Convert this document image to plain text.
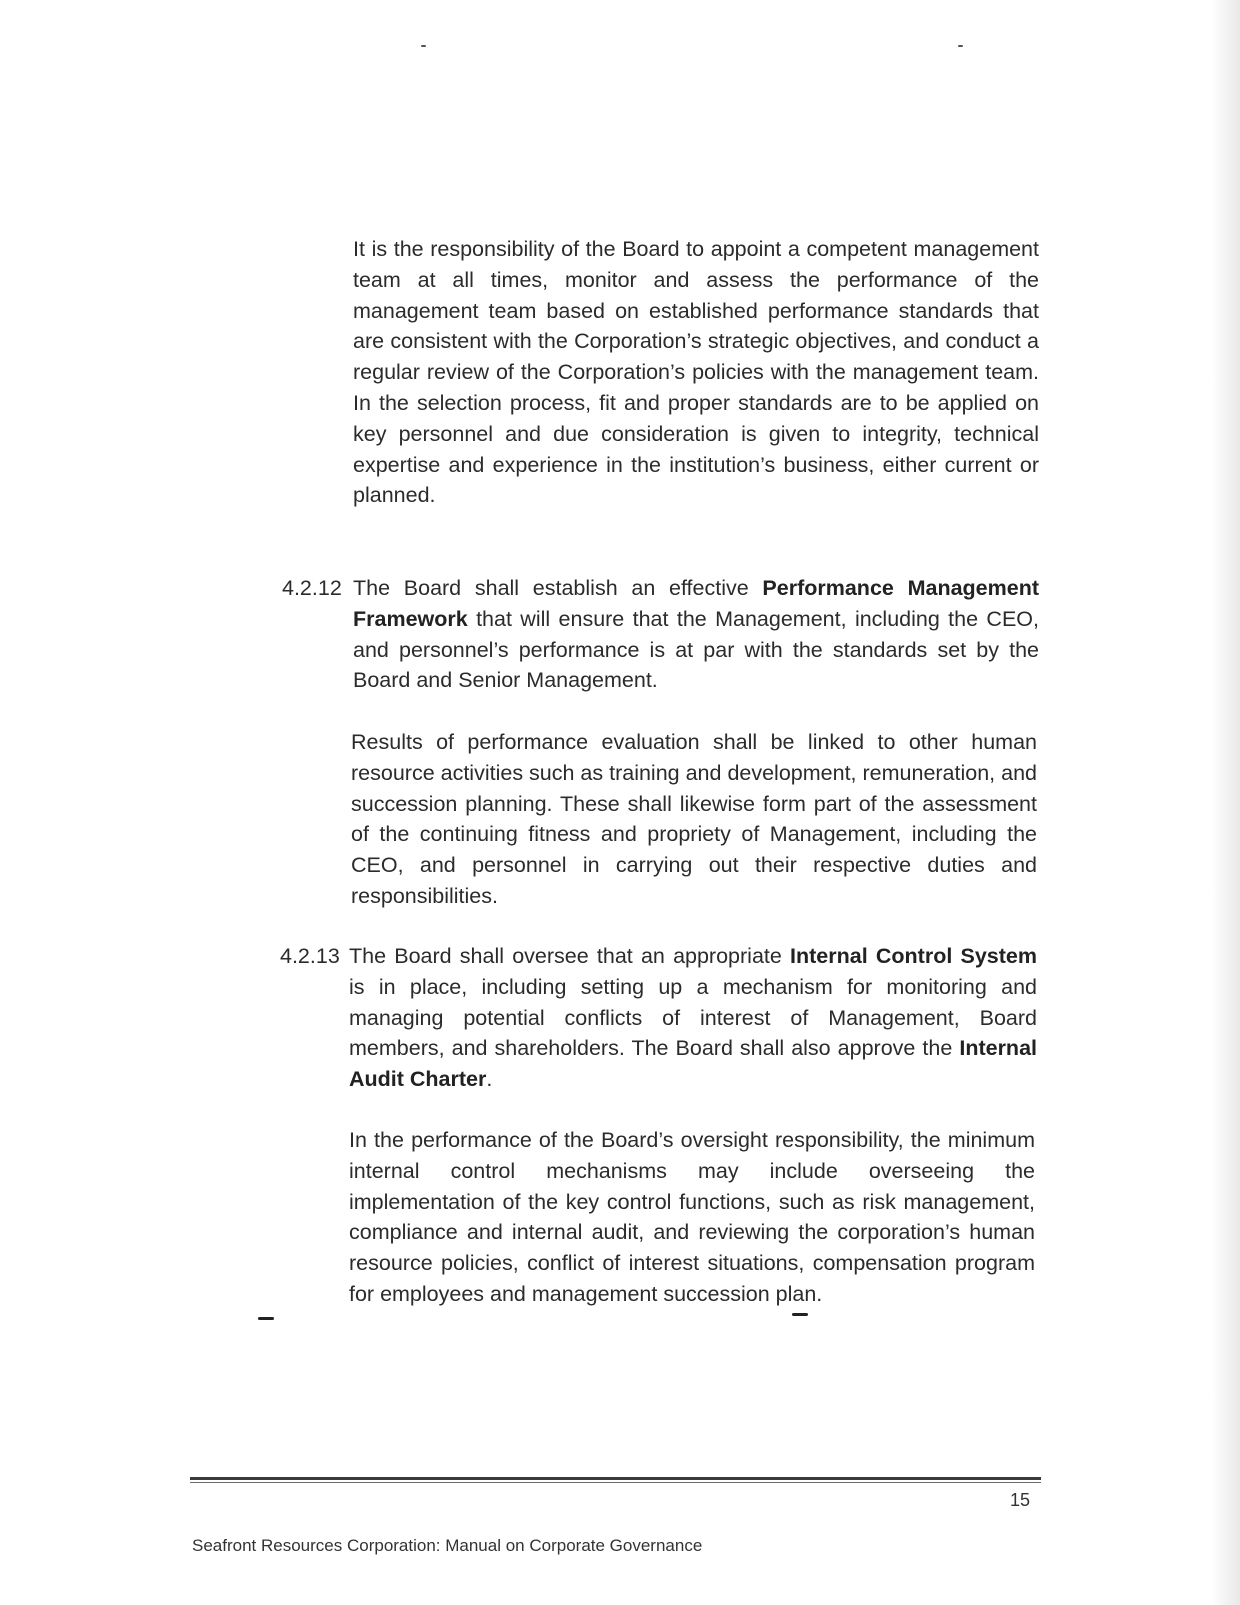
It is the responsibility of the Board to appoint a competent management team at all times, monitor and assess the performance of the management team based on established performance standards that are consistent with the Corporation’s strategic objectives, and conduct a regular review of the Corporation’s policies with the management team. In the selection process, fit and proper standards are to be applied on key personnel and due consideration is given to integrity, technical expertise and experience in the institution’s business, either current or planned.

4.2.12 The Board shall establish an effective Performance Management Framework that will ensure that the Management, including the CEO, and personnel’s performance is at par with the standards set by the Board and Senior Management.

Results of performance evaluation shall be linked to other human resource activities such as training and development, remuneration, and succession planning. These shall likewise form part of the assessment of the continuing fitness and propriety of Management, including the CEO, and personnel in carrying out their respective duties and responsibilities.

4.2.13 The Board shall oversee that an appropriate Internal Control System is in place, including setting up a mechanism for monitoring and managing potential conflicts of interest of Management, Board members, and shareholders. The Board shall also approve the Internal Audit Charter.

In the performance of the Board’s oversight responsibility, the minimum internal control mechanisms may include overseeing the implementation of the key control functions, such as risk management, compliance and internal audit, and reviewing the corporation’s human resource policies, conflict of interest situations, compensation program for employees and management succession plan.

15
Seafront Resources Corporation: Manual on Corporate Governance
